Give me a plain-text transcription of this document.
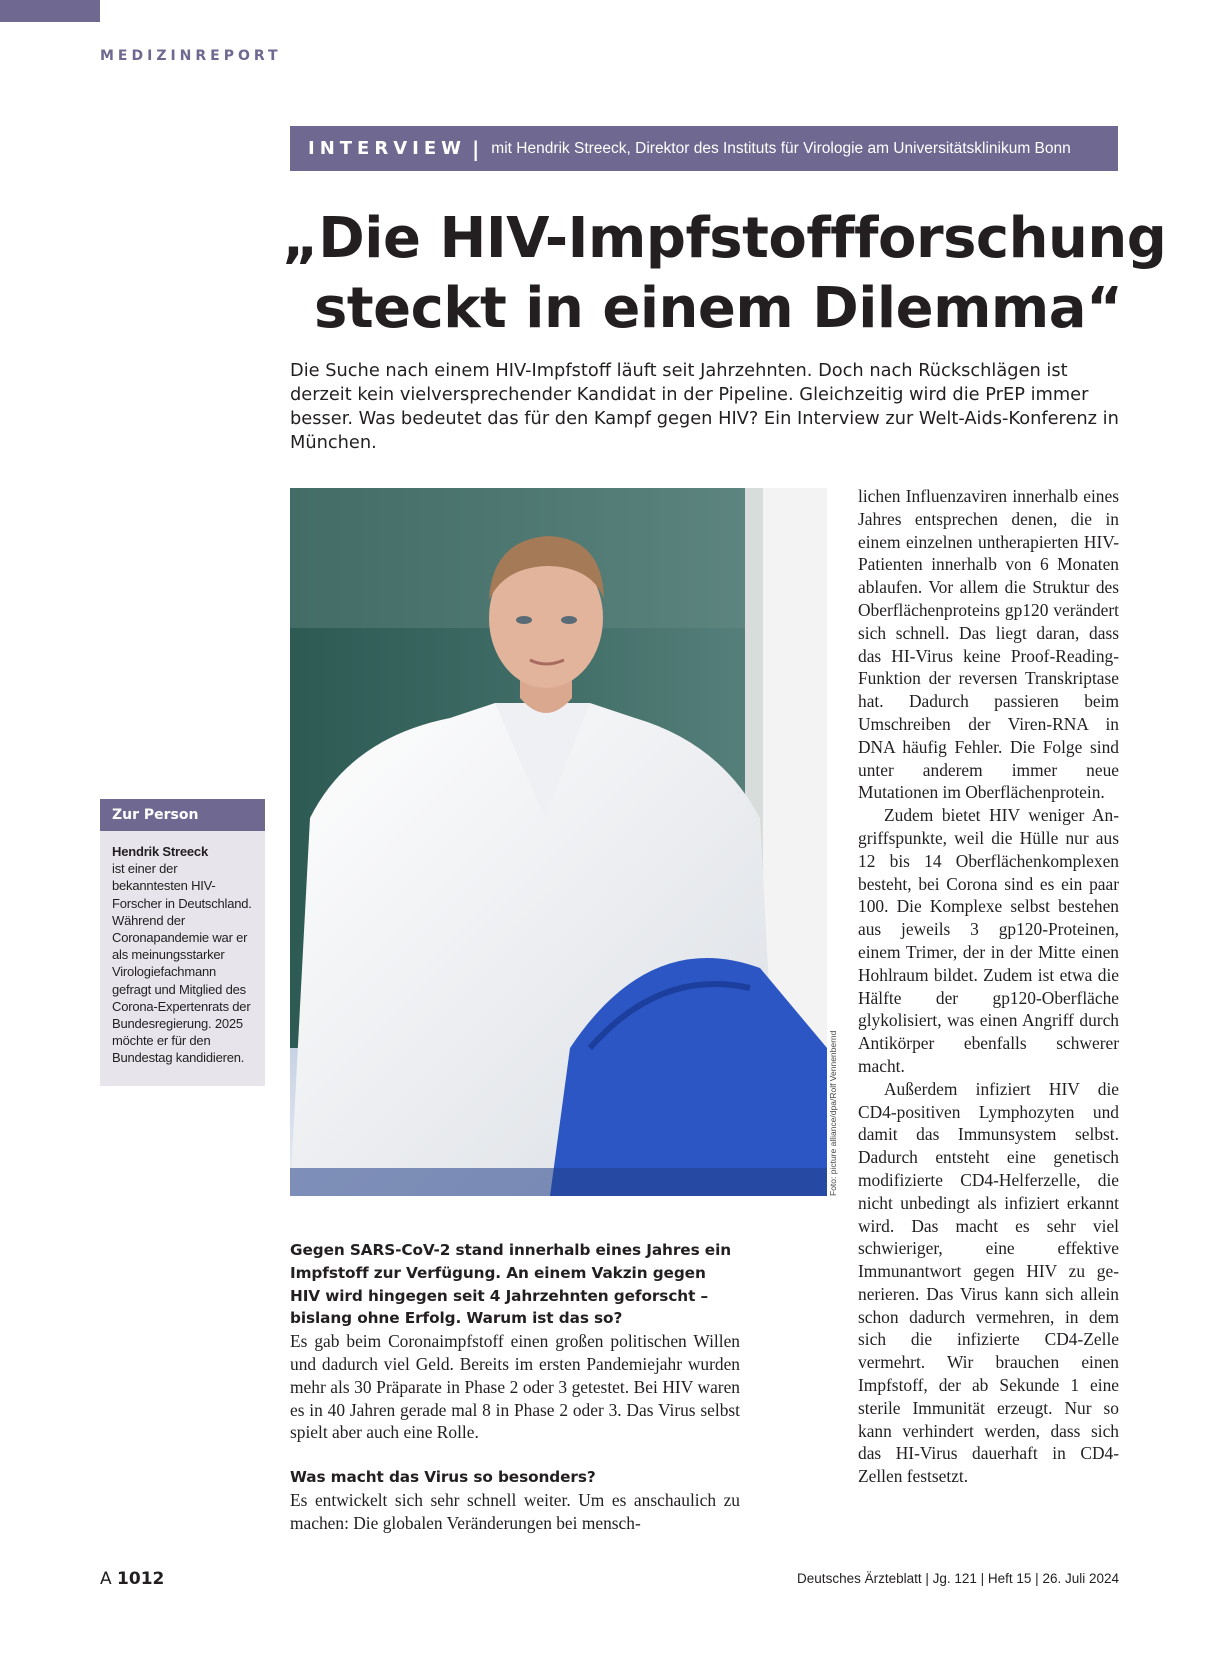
MEDIZINREPORT
INTERVIEW | mit Hendrik Streeck, Direktor des Instituts für Virologie am Universitätsklinikum Bonn
„Die HIV-Impfstoffforschung
steckt in einem Dilemma“
Die Suche nach einem HIV-Impfstoff läuft seit Jahrzehnten. Doch nach Rückschlägen ist derzeit kein vielversprechender Kandidat in der Pipeline. Gleichzeitig wird die PrEP immer besser. Was bedeutet das für den Kampf gegen HIV? Ein Interview zur Welt-Aids-Konferenz in München.
Foto: picture alliance/dpa/Rolf Vennenbernd
Zur Person
Hendrik Streeck
ist einer der bekanntesten HIV-Forscher in Deutschland. Während der Coronapandemie war er als meinungsstarker Virologiefachmann gefragt und Mitglied des Corona-Expertenrats der Bundesregierung. 2025 möchte er für den Bundestag kandidieren.

Gegen SARS-CoV-2 stand innerhalb eines Jahres ein Impfstoff zur Verfügung. An einem Vakzin gegen HIV wird hingegen seit 4 Jahrzehnten geforscht – bislang ohne Erfolg. Warum ist das so?

Es gab beim Coronaimpfstoff einen großen politischen Willen und dadurch viel Geld. Bereits im ersten Pandemiejahr wurden mehr als 30 Präparate in Phase 2 oder 3 getestet. Bei HIV waren es in 40 Jahren gerade mal 8 in Phase 2 oder 3. Das Virus selbst spielt aber auch eine Rolle.

Was macht das Virus so besonders?

Es entwickelt sich sehr schnell weiter. Um es anschaulich zu machen: Die globalen Veränderungen bei mensch-

lichen Influenzaviren innerhalb eines Jahres entsprechen denen, die in einem einzelnen untherapierten HIV-Patienten innerhalb von 6 Monaten ablaufen. Vor allem die Struktur des Oberflächenproteins gp120 verändert sich schnell. Das liegt daran, dass das HI-Virus keine Proof-Reading-Funktion der reversen Transkriptase hat. Dadurch passieren beim Umschreiben der Viren-RNA in DNA häufig Fehler. Die Folge sind unter anderem immer neue Mutationen im Oberflächenprotein.

Zudem bietet HIV weniger Angriffspunkte, weil die Hülle nur aus 12 bis 14 Oberflächenkomplexen besteht, bei Corona sind es ein paar 100. Die Komplexe selbst bestehen aus jeweils 3 gp120-Proteinen, einem Trimer, der in der Mitte einen Hohlraum bildet. Zudem ist etwa die Hälfte der gp120-Oberfläche glykolisiert, was einen Angriff durch Antikörper ebenfalls schwerer macht.

Außerdem infiziert HIV die CD4-positiven Lymphozyten und damit das Immunsystem selbst. Dadurch entsteht eine genetisch modifizierte CD4-Helferzelle, die nicht unbedingt als infiziert erkannt wird. Das macht es sehr viel schwieriger, eine effektive Immunantwort gegen HIV zu generieren. Das Virus kann sich allein schon dadurch vermehren, in dem sich die infizierte CD4-Zelle vermehrt. Wir brauchen einen Impfstoff, der ab Sekunde 1 eine sterile Immunität erzeugt. Nur so kann verhindert werden, dass sich das HI-Virus dauerhaft in CD4-Zellen festsetzt.

A 1012	Deutsches Ärzteblatt | Jg. 121 | Heft 15 | 26. Juli 2024
